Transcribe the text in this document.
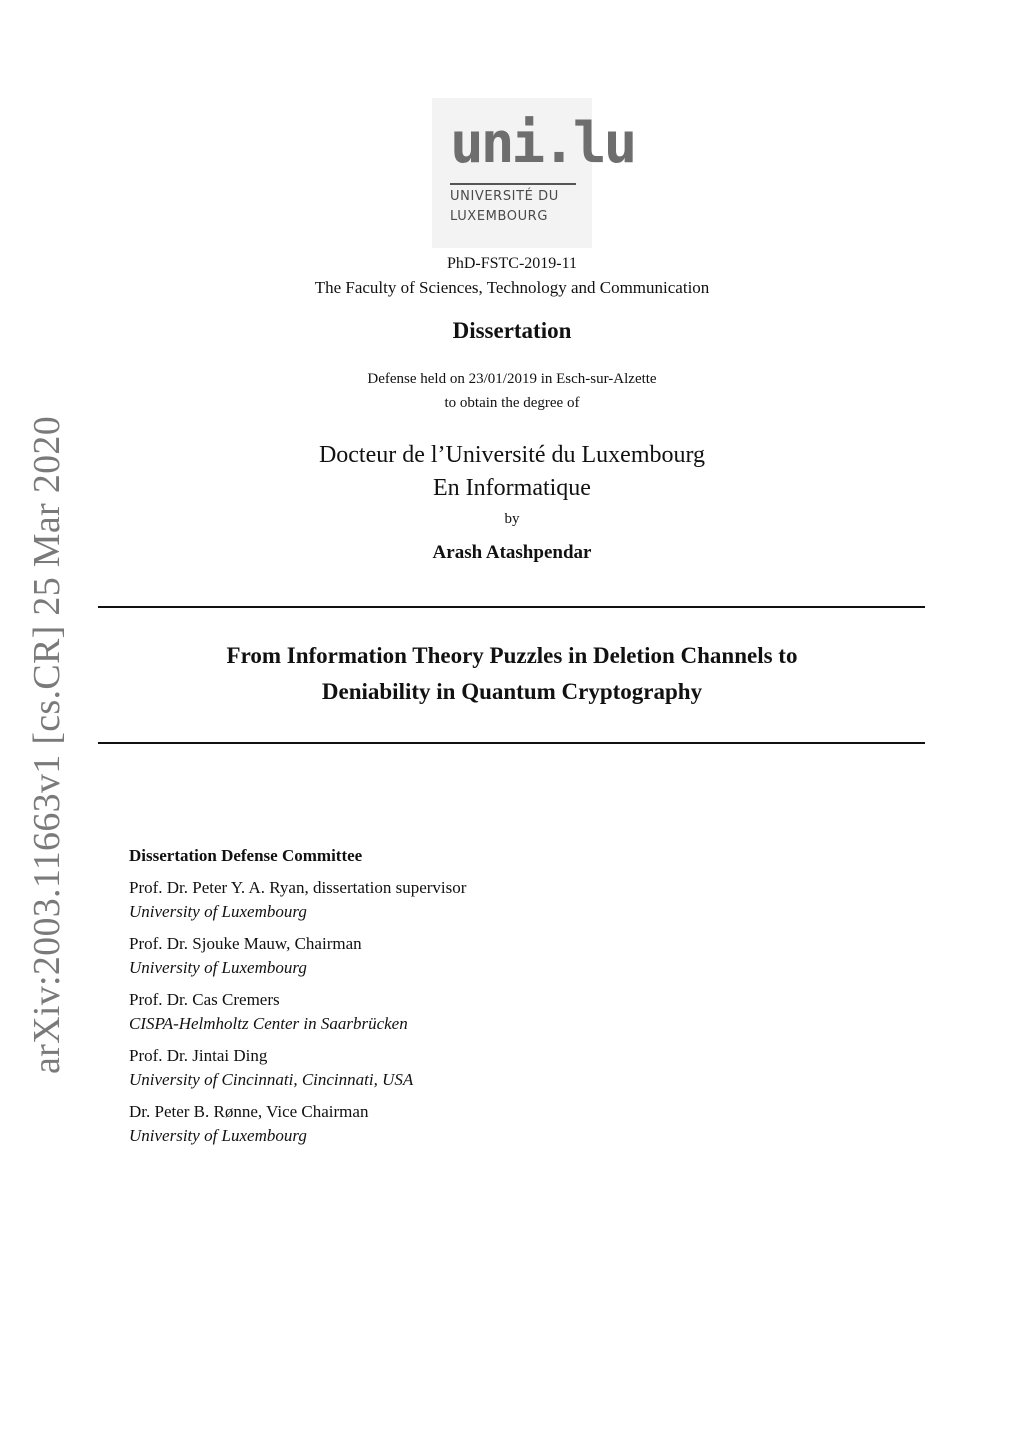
uni.lu
UNIVERSITÉ DU
LUXEMBOURG
arXiv:2003.11663v1 [cs.CR] 25 Mar 2020
PhD-FSTC-2019-11
The Faculty of Sciences, Technology and Communication
Dissertation
Defense held on 23/01/2019 in Esch-sur-Alzette
to obtain the degree of
Docteur de l’Université du Luxembourg
En Informatique
by
Arash Atashpendar
From Information Theory Puzzles in Deletion Channels to
Deniability in Quantum Cryptography
Dissertation Defense Committee
Prof. Dr. Peter Y. A. Ryan, dissertation supervisor
University of Luxembourg
Prof. Dr. Sjouke Mauw, Chairman
University of Luxembourg
Prof. Dr. Cas Cremers
CISPA-Helmholtz Center in Saarbrücken
Prof. Dr. Jintai Ding
University of Cincinnati, Cincinnati, USA
Dr. Peter B. Rønne, Vice Chairman
University of Luxembourg
